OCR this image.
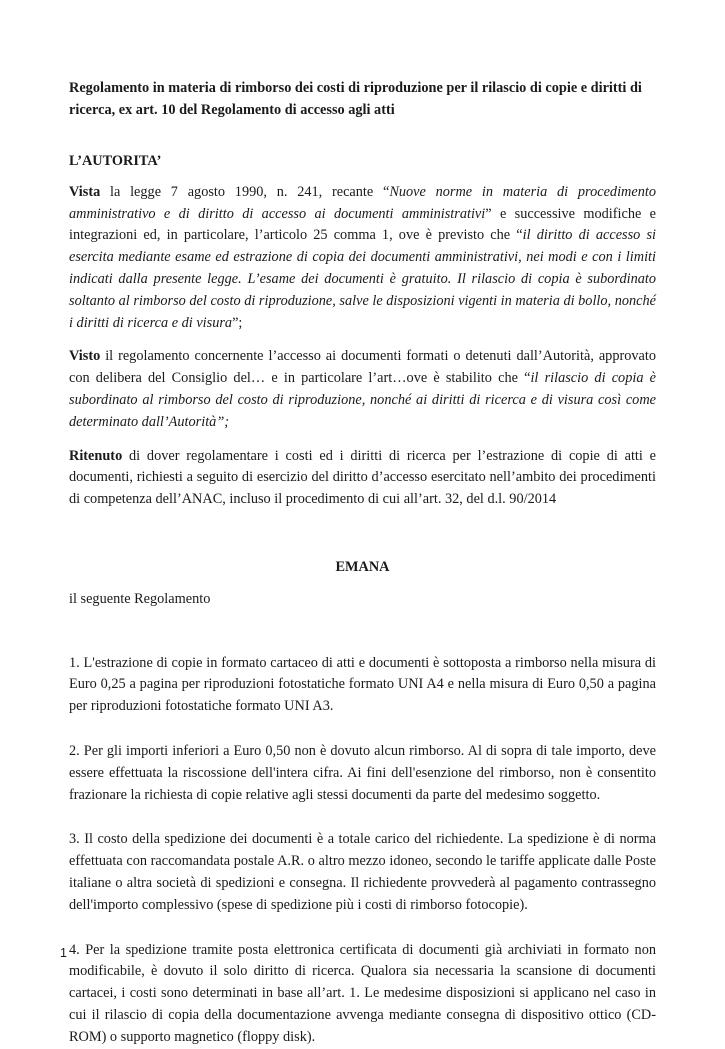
Regolamento in materia di rimborso dei costi di riproduzione per il rilascio di copie e diritti di ricerca, ex art. 10 del Regolamento di accesso agli atti

L’AUTORITA’

Vista la legge 7 agosto 1990, n. 241, recante “Nuove norme in materia di procedimento amministrativo e di diritto di accesso ai documenti amministrativi” e successive modifiche e integrazioni ed, in particolare, l’articolo 25 comma 1, ove è previsto che “il diritto di accesso si esercita mediante esame ed estrazione di copia dei documenti amministrativi, nei modi e con i limiti indicati dalla presente legge. L’esame dei documenti è gratuito. Il rilascio di copia è subordinato soltanto al rimborso del costo di riproduzione, salve le disposizioni vigenti in materia di bollo, nonché i diritti di ricerca e di visura”;

Visto il regolamento concernente l’accesso ai documenti formati o detenuti dall’Autorità, approvato con delibera del Consiglio del… e in particolare l’art…ove è stabilito che “il rilascio di copia è subordinato al rimborso del costo di riproduzione, nonché ai diritti di ricerca e di visura così come determinato dall’Autorità”;

Ritenuto di dover regolamentare i costi ed i diritti di ricerca per l’estrazione di copie di atti e documenti, richiesti a seguito di esercizio del diritto d’accesso esercitato nell’ambito dei procedimenti di competenza dell’ANAC, incluso il procedimento di cui all’art. 32, del d.l. 90/2014

EMANA

il seguente Regolamento

1. L'estrazione di copie in formato cartaceo di atti e documenti è sottoposta a rimborso nella misura di Euro 0,25 a pagina per riproduzioni fotostatiche formato UNI A4 e nella misura di Euro 0,50 a pagina per riproduzioni fotostatiche formato UNI A3.

2. Per gli importi inferiori a Euro 0,50 non è dovuto alcun rimborso. Al di sopra di tale importo, deve essere effettuata la riscossione dell'intera cifra. Ai fini dell'esenzione del rimborso, non è consentito frazionare la richiesta di copie relative agli stessi documenti da parte del medesimo soggetto.

3. Il costo della spedizione dei documenti è a totale carico del richiedente. La spedizione è di norma effettuata con raccomandata postale A.R. o altro mezzo idoneo, secondo le tariffe applicate dalle Poste italiane o altra società di spedizioni e consegna. Il richiedente provvederà al pagamento contrassegno dell'importo complessivo (spese di spedizione più i costi di rimborso fotocopie).

4. Per la spedizione tramite posta elettronica certificata di documenti già archiviati in formato non modificabile, è dovuto il solo diritto di ricerca. Qualora sia necessaria la scansione di documenti cartacei, i costi sono determinati in base all’art. 1. Le medesime disposizioni si applicano nel caso in cui il rilascio di copia della documentazione avvenga mediante consegna di dispositivo ottico (CD-ROM) o supporto magnetico (floppy disk).

1
